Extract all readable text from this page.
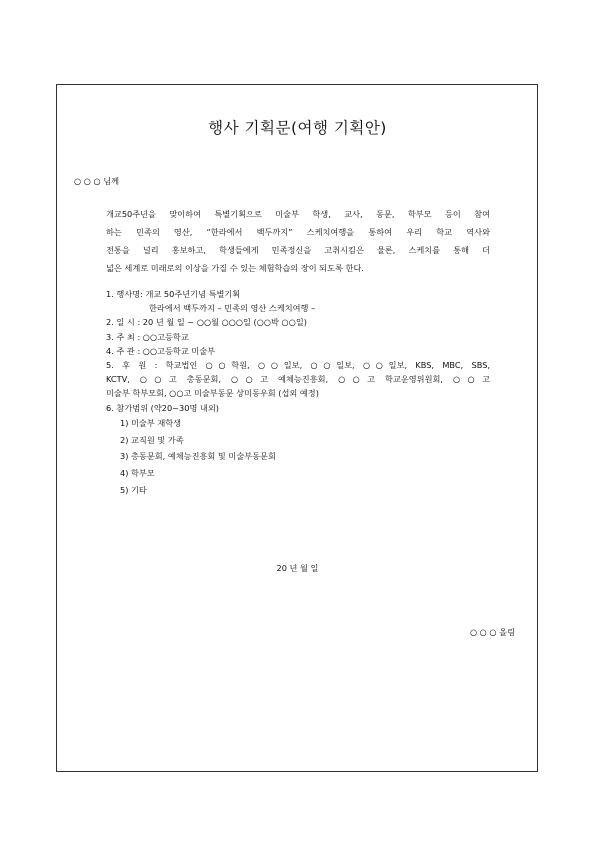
행사 기획문(여행 기획안)
○ ○ ○ 님께
개교50주년을 맞이하여 특별기획으로 미술부 학생, 교사, 동문, 학부모 등이 참여
하는 민족의 영산, “한라에서 백두까지” 스케치여행을 통하여 우리 학교 역사와
전통을 널리 홍보하고, 학생들에게 민족정신을 고취시킴은 물론, 스케치를 통해 더
넓은 세계로 미래로의 이상을 가질 수 있는 체험학습의 장이 되도록 한다.
1. 행사명: 개교 50주년기념 특별기획
한라에서 백두까지 – 민족의 영산 스케치여행 –
2. 일 시 : 20 년 월 일 ~ ○○월 ○○○일 (○○박 ○○일)
3. 주 최 : ○○고등학교
4. 주 관 : ○○고등학교 미술부
5. 후 원 : 학교법인 ○○학원, ○○일보, ○○일보, ○○일보, KBS, MBC, SBS,
KCTV, ○○고 총동문회, ○○고 예체능진흥회, ○○고 학교운영위원회, ○○고
미술부 학부모회, ○○고 미술부동문 상미동우회 (섭외 예정)
6. 참가범위 (약20~30명 내외)
1) 미술부 재학생
2) 교직원 및 가족
3) 총동문회, 예체능진흥회 및 미술부동문회
4) 학부모
5) 기타
20 년 월 일
○ ○ ○ 올림
